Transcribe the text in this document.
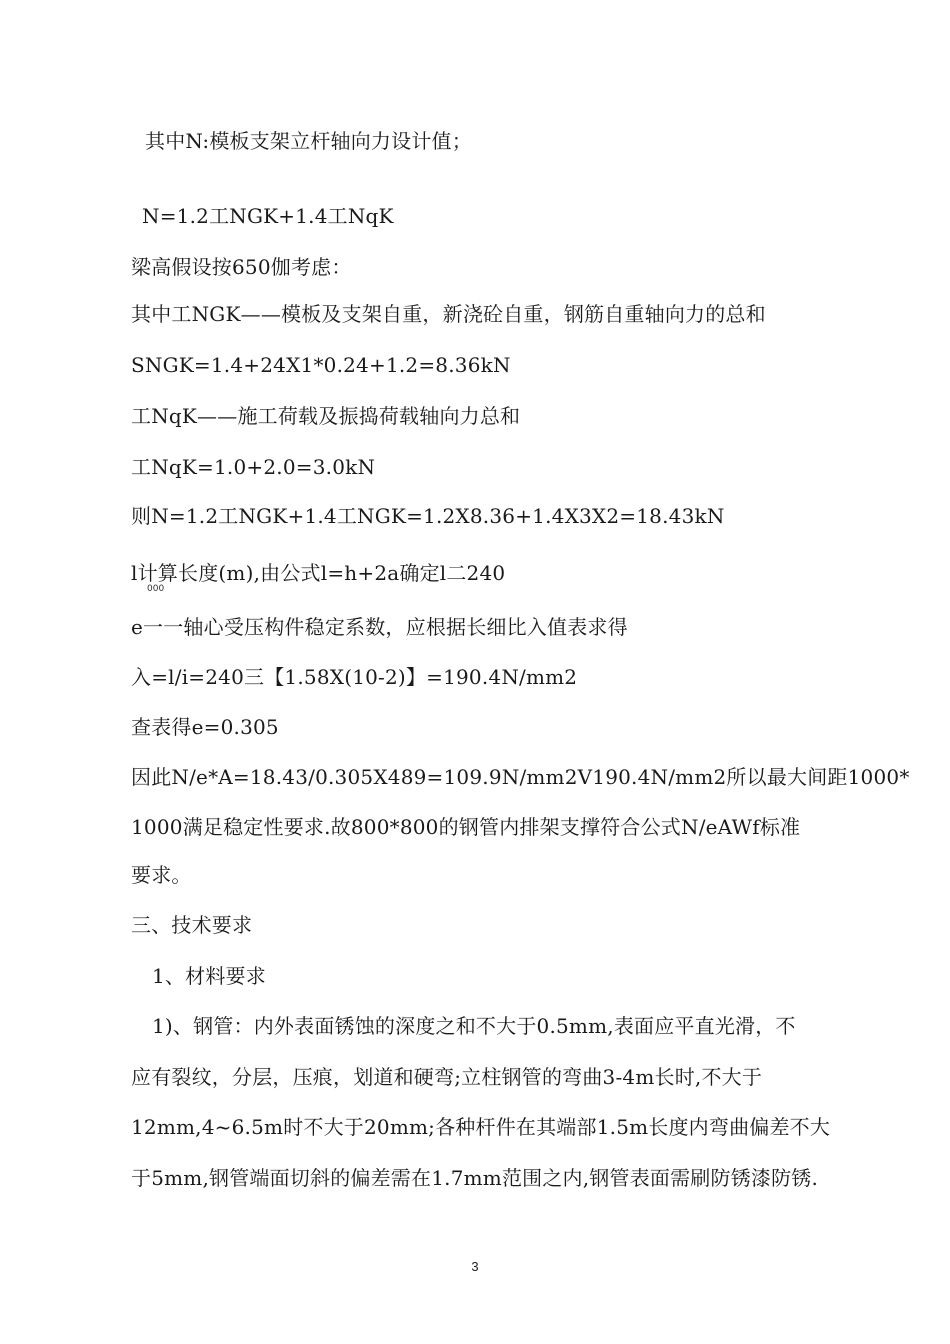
其中N:模板支架立杆轴向力设计值；
N=1.2工NGK+1.4工NqK
梁高假设按650伽考虑：
其中工NGK——模板及支架自重，新浇砼自重，钢筋自重轴向力的总和
SNGK=1.4+24X1*0.24+1.2=8.36kN
工NqK——施工荷载及振捣荷载轴向力总和
工NqK=1.0+2.0=3.0kN
则N=1.2工NGK+1.4工NGK=1.2X8.36+1.4X3X2=18.43kN
l计算长度(m),由公式l=h+2a确定l二240
000
e一一轴心受压构件稳定系数，应根据长细比入值表求得
入=l/i=240三【1.58X(10-2)】=190.4N/mm2
查表得e=0.305
因此N/e*A=18.43/0.305X489=109.9N/mm2V190.4N/mm2所以最大间距1000*
1000满足稳定性要求.故800*800的钢管内排架支撑符合公式N/eAWf标准
要求。
三、技术要求
1、材料要求
1)、钢管：内外表面锈蚀的深度之和不大于0.5mm,表面应平直光滑，不
应有裂纹，分层，压痕，划道和硬弯;立柱钢管的弯曲3-4m长时,不大于
12mm,4~6.5m时不大于20mm;各种杆件在其端部1.5m长度内弯曲偏差不大
于5mm,钢管端面切斜的偏差需在1.7mm范围之内,钢管表面需刷防锈漆防锈.
3
